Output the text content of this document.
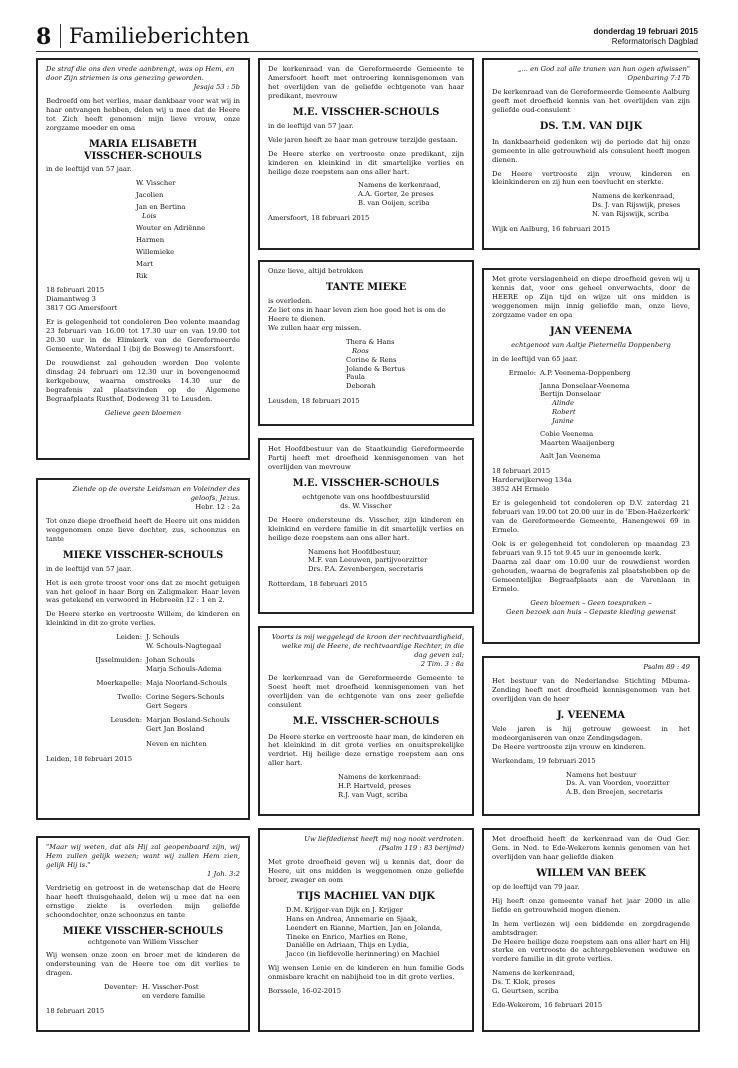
8 Familieberichten	donderdag 19 februari 2015
Reformatorisch Dagblad
De straf die ons den vrede aanbrengt, was op Hem, en door Zijn striemen is ons genezing geworden.
Jesaja 53 : 5b
Bedroefd om het verlies, maar dankbaar voor wat wij in haar ontvangen hebben, delen wij u mee dat de Heere tot Zich heeft genomen mijn lieve vrouw, onze zorgzame moeder en oma
MARIA ELISABETH
VISSCHER-SCHOULS
in de leeftijd van 57 jaar.
W. Visscher
Jacolien
Jan en Bertina
Lois
Wouter en Adriënne
Harmen
Willemieke
Mart
Rik
18 februari 2015
Diamantweg 3
3817 GG Amersfoort
Er is gelegenheid tot condoleren Deo volente maandag 23 februari van 16.00 tot 17.30 uur en van 19.00 tot 20.30 uur in de Elimkerk van de Gereformeerde Gemeente, Waterdaal 1 (bij de Bosweg) te Amersfoort.
De rouwdienst zal gehouden worden Deo volente dinsdag 24 februari om 12.30 uur in bovengenoemd kerkgebouw, waarna omstreeks 14.30 uur de begrafenis zal plaatsvinden op de Algemene Begraafplaats Rusthof, Dodeweg 31 te Leusden.
Gelieve geen bloemen
De kerkenraad van de Gereformeerde Gemeente te Amersfoort heeft met ontroering kennisgenomen van het overlijden van de geliefde echtgenote van haar predikant, mevrouw
M.E. VISSCHER-SCHOULS
in de leeftijd van 57 jaar.
Vele jaren heeft ze haar man getrouw terzijde gestaan.
De Heere sterke en vertrooste onze predikant, zijn kinderen en kleinkind in dit smartelijke verlies en heilige deze roepstem aan ons aller hart.
Namens de kerkenraad,
A.A. Gorter, 2e preses
B. van Ooijen, scriba
Amersfoort, 18 februari 2015
„... en God zal alle tranen van hun ogen afwissen"
Openbaring 7:17b
De kerkenraad van de Gereformeerde Gemeente Aalburg geeft met droefheid kennis van het overlijden van zijn geliefde oud-consulent
DS. T.M. VAN DIJK
In dankbaarheid gedenken wij de periode dat hij onze gemeente in alle getrouwheid als consulent heeft mogen dienen.
De Heere vertrooste zijn vrouw, kinderen en kleinkinderen en zij hun een toevlucht en sterkte.
Namens de kerkenraad,
Ds. J. van Rijswijk, preses
N. van Rijswijk, scriba
Wijk en Aalburg, 16 februari 2015
Onze lieve, altijd betrokken
TANTE MIEKE
is overleden.
Ze liet ons in haar leven zien hoe goed het is om de Heere te dienen.
We zullen haar erg missen.
Thera & Hans
Roos
Corine & Rens
Jolande & Bertus
Paula
Deborah
Leusden, 18 februari 2015
Met grote verslagenheid en diepe droefheid geven wij u kennis dat, voor ons geheel onverwachts, door de HEERE op Zijn tijd en wijze uit ons midden is weggenomen mijn innig geliefde man, onze lieve, zorgzame vader en opa
JAN VEENEMA
echtgenoot van Aaltje Pieternella Doppenberg
in de leeftijd van 65 jaar.
Ermelo: A.P. Veenema-Doppenberg
Janna Donselaar-Veenema
Bertijn Donselaar
Alinde
Robert
Janine
Cobie Veenema
Maarten Waaijenberg
Aalt Jan Veenema
18 februari 2015
Harderwijkerweg 134a
3852 AH Ermelo
Er is gelegenheid tot condoleren op D.V. zaterdag 21 februari van 19.00 tot 20.00 uur in de 'Eben-Haëzerkerk' van de Gereformeerde Gemeente, Hanengewei 69 in Ermelo.
Ook is er gelegenheid tot condoleren op maandag 23 februari van 9.15 tot 9.45 uur in genoemde kerk.
Daarna zal daar om 10.00 uur de rouwdienst worden gehouden, waarna de begrafenis zal plaatshebben op de Gemeentelijke Begraafplaats aan de Varenlaan in Ermelo.
Geen bloemen – Geen toespraken –
Geen bezoek aan huis – Gepaste kleding gewenst
Ziende op de overste Leidsman en Voleinder des geloofs, Jezus.
Hebr. 12 : 2a
Tot onze diepe droefheid heeft de Heere uit ons midden weggenomen onze lieve dochter, zus, schoonzus en tante
MIEKE VISSCHER-SCHOULS
in de leeftijd van 57 jaar.
Het is een grote troost voor ons dat ze mocht getuigen van het geloof in haar Borg en Zaligmaker. Haar leven was getekend en verwoord in Hebreeën 12 : 1 en 2.
De Heere sterke en vertrooste Willem, de kinderen en kleinkind in dit zo grote verlies.
Leiden: J. Schouls
W. Schouls-Nagtegaal
IJsselmuiden: Johan Schouls
Marja Schouls-Adema
Moerkapelle: Maja Noorland-Schouls
Twello: Corine Segers-Schouls
Gert Segers
Leusden: Marjan Bosland-Schouls
Gert Jan Bosland
Neven en nichten
Leiden, 18 februari 2015
Het Hoofdbestuur van de Staatkundig Gereformeerde Partij heeft met droefheid kennisgenomen van het overlijden van mevrouw
M.E. VISSCHER-SCHOULS
echtgenote van ons hoofdbestuurslid
ds. W. Visscher
De Heere ondersteune ds. Visscher, zijn kinderen en kleinkind en verdere familie in dit smartelijk verlies en heilige deze roepstem aan ons aller hart.
Namens het Hoofdbestuur,
M.F. van Leeuwen, partijvoorzitter
Drs. P.A. Zevenbergen, secretaris
Rotterdam, 18 februari 2015
Voorts is mij weggelegd de kroon der rechtvaardigheid, welke mij de Heere, de rechtvaardige Rechter, in die dag geven zal;
2 Tim. 3 : 8a
De kerkenraad van de Gereformeerde Gemeente te Soest heeft met droefheid kennisgenomen van het overlijden van de echtgenote van ons zeer geliefde consulent
M.E. VISSCHER-SCHOULS
De Heere sterke en vertrooste haar man, de kinderen en het kleinkind in dit grote verlies en onuitsprekelijke verdriet. Hij heilige deze ernstige roepstem aan ons aller hart.
Namens de kerkenraad:
H.P. Hartveld, preses
R.J. van Vugt, scriba
Psalm 89 : 49
Het bestuur van de Nederlandse Stichting Mbuma-Zending heeft met droefheid kennisgenomen van het overlijden van de heer
J. VEENEMA
Vele jaren is hij getrouw geweest in het medeorganiseren van onze Zendingsdagen.
De Heere vertrooste zijn vrouw en kinderen.
Werkendam, 19 februari 2015
Namens het bestuur
Ds. A. van Voorden, voorzitter
A.B. den Breejen, secretaris
"Maar wij weten, dat als Hij zal geopenbaard zijn, wij Hem zullen gelijk wezen; want wij zullen Hem zien, gelijk Hij is."
1 Joh. 3:2
Verdrietig en getroost in de wetenschap dat de Heere haar heeft thuisgehaald, delen wij u mee dat na een ernstige ziekte is overleden mijn geliefde schoondochter, onze schoonzus en tante
MIEKE VISSCHER-SCHOULS
echtgenote van Willem Visscher
Wij wensen onze zoon en broer met de kinderen de ondersteuning van de Heere toe om dit verlies te dragen.
Deventer: H. Visscher-Post
en verdere familie
18 februari 2015
Uw liefdedienst heeft mij nog nooit verdroten.
(Psalm 119 : 83 berijmd)
Met grote droefheid geven wij u kennis dat, door de Heere, uit ons midden is weggenomen onze geliefde broer, zwager en oom
TIJS MACHIEL VAN DIJK
D.M. Krijger-van Dijk en J. Krijger
Hans en Andrea, Annemarie en Sjaak,
Leendert en Rianne, Martien, Jan en Jolanda,
Tineke en Enrico, Marlies en Rene,
Daniëlle en Adriaan, Thijs en Lydia,
Jacco (in liefdevolle herinnering) en Machiel
Wij wensen Lenie en de kinderen en hun familie Gods onmisbare kracht en nabijheid toe in dit grote verlies.
Borssele, 16-02-2015
Met droefheid heeft de kerkenraad van de Oud Ger. Gem. in Ned. te Ede-Wekerom kennis genomen van het overlijden van haar geliefde diaken
WILLEM VAN BEEK
op de leeftijd van 79 jaar.
Hij heeft onze gemeente vanaf het jaar 2000 in alle liefde en getrouwheid mogen dienen.
In hem verliezen wij een biddende en zorgdragende ambtsdrager.
De Heere heilige deze roepstem aan ons aller hart en Hij sterke en vertrooste de achtergeblevenen weduwe en verdere familie in dit grote verlies.
Namens de kerkenraad,
Ds. T. Klok, preses
G. Geurtsen, scriba
Ede-Wekerom, 16 februari 2015
